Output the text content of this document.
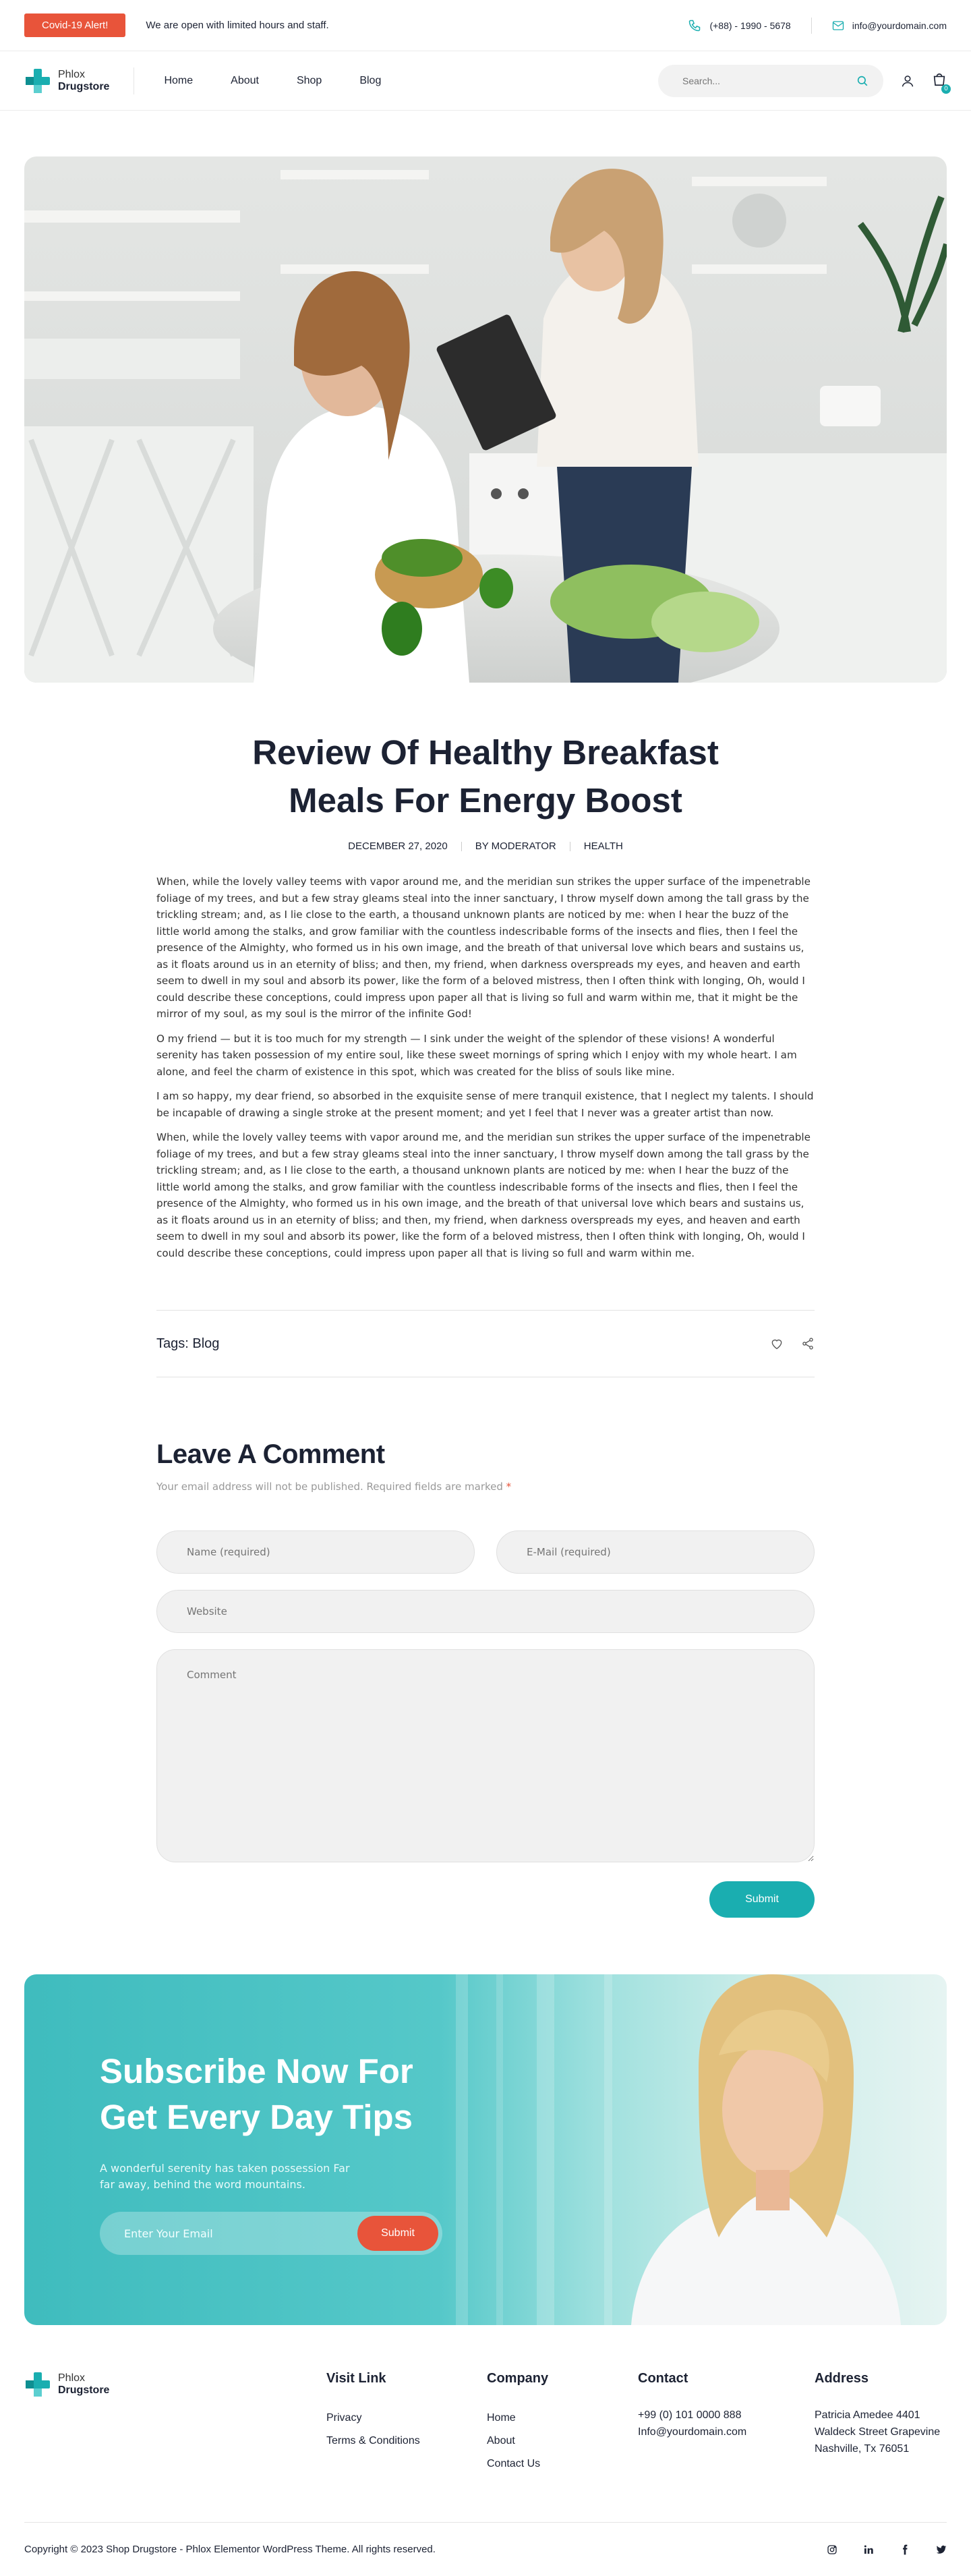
Covid-19 Alert!	We are open with limited hours and staff.	(+88) - 1990 - 5678	info@yourdomain.com
Phlox
Drugstore
Home	About	Shop	Blog
Search...
0
Review Of Healthy Breakfast
Meals For Energy Boost
DECEMBER 27, 2020	BY MODERATOR	HEALTH

When, while the lovely valley teems with vapor around me, and the meridian sun strikes the upper surface of the impenetrable foliage of my trees, and but a few stray gleams steal into the inner sanctuary, I throw myself down among the tall grass by the trickling stream; and, as I lie close to the earth, a thousand unknown plants are noticed by me: when I hear the buzz of the little world among the stalks, and grow familiar with the countless indescribable forms of the insects and flies, then I feel the presence of the Almighty, who formed us in his own image, and the breath of that universal love which bears and sustains us, as it floats around us in an eternity of bliss; and then, my friend, when darkness overspreads my eyes, and heaven and earth seem to dwell in my soul and absorb its power, like the form of a beloved mistress, then I often think with longing, Oh, would I could describe these conceptions, could impress upon paper all that is living so full and warm within me, that it might be the mirror of my soul, as my soul is the mirror of the infinite God!

O my friend — but it is too much for my strength — I sink under the weight of the splendor of these visions! A wonderful serenity has taken possession of my entire soul, like these sweet mornings of spring which I enjoy with my whole heart. I am alone, and feel the charm of existence in this spot, which was created for the bliss of souls like mine.

I am so happy, my dear friend, so absorbed in the exquisite sense of mere tranquil existence, that I neglect my talents. I should be incapable of drawing a single stroke at the present moment; and yet I feel that I never was a greater artist than now.

When, while the lovely valley teems with vapor around me, and the meridian sun strikes the upper surface of the impenetrable foliage of my trees, and but a few stray gleams steal into the inner sanctuary, I throw myself down among the tall grass by the trickling stream; and, as I lie close to the earth, a thousand unknown plants are noticed by me: when I hear the buzz of the little world among the stalks, and grow familiar with the countless indescribable forms of the insects and flies, then I feel the presence of the Almighty, who formed us in his own image, and the breath of that universal love which bears and sustains us, as it floats around us in an eternity of bliss; and then, my friend, when darkness overspreads my eyes, and heaven and earth seem to dwell in my soul and absorb its power, like the form of a beloved mistress, then I often think with longing, Oh, would I could describe these conceptions, could impress upon paper all that is living so full and warm within me.

Tags:
Blog
Leave A Comment
Your email address will not be published. Required fields are marked *
Name (required)
E-Mail (required)
Website Comment
Submit
Subscribe Now For Get Every Day Tips
A wonderful serenity has taken possession Far far away, behind the word mountains.
Enter Your Email
Submit
Phlox
Drugstore
Visit Link
Privacy
Terms & Conditions
Company
Home
About
Contact Us
Contact
+99 (0) 101 0000 888
Info@yourdomain.com
Address
Patricia Amedee 4401
Waldeck Street Grapevine
Nashville, Tx 76051
Copyright © 2023 Shop Drugstore - Phlox Elementor WordPress Theme. All rights reserved.
